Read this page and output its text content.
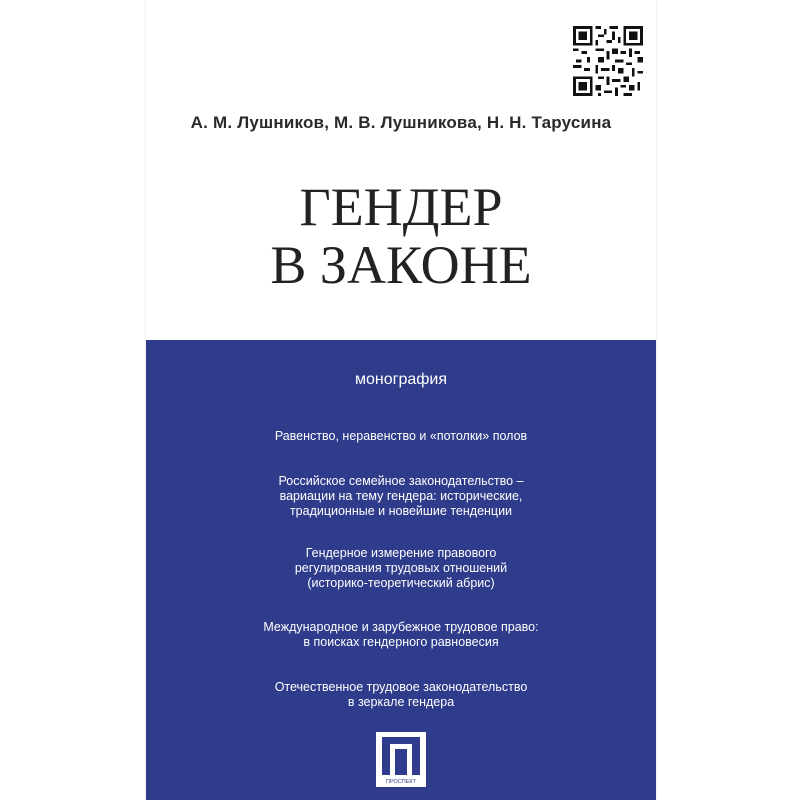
А. М. Лушников, М. В. Лушникова, Н. Н. Тарусина
ГЕНДЕР
В ЗАКОНЕ
монография
Равенство, неравенство и «потолки» полов
Российское семейное законодательство –
вариации на тему гендера: исторические,
традиционные и новейшие тенденции
Гендерное измерение правового
регулирования трудовых отношений
(историко-теоретический абрис)
Международное и зарубежное трудовое право:
в поисках гендерного равновесия
Отечественное трудовое законодательство
в зеркале гендера
ПРОСПЕКТ
